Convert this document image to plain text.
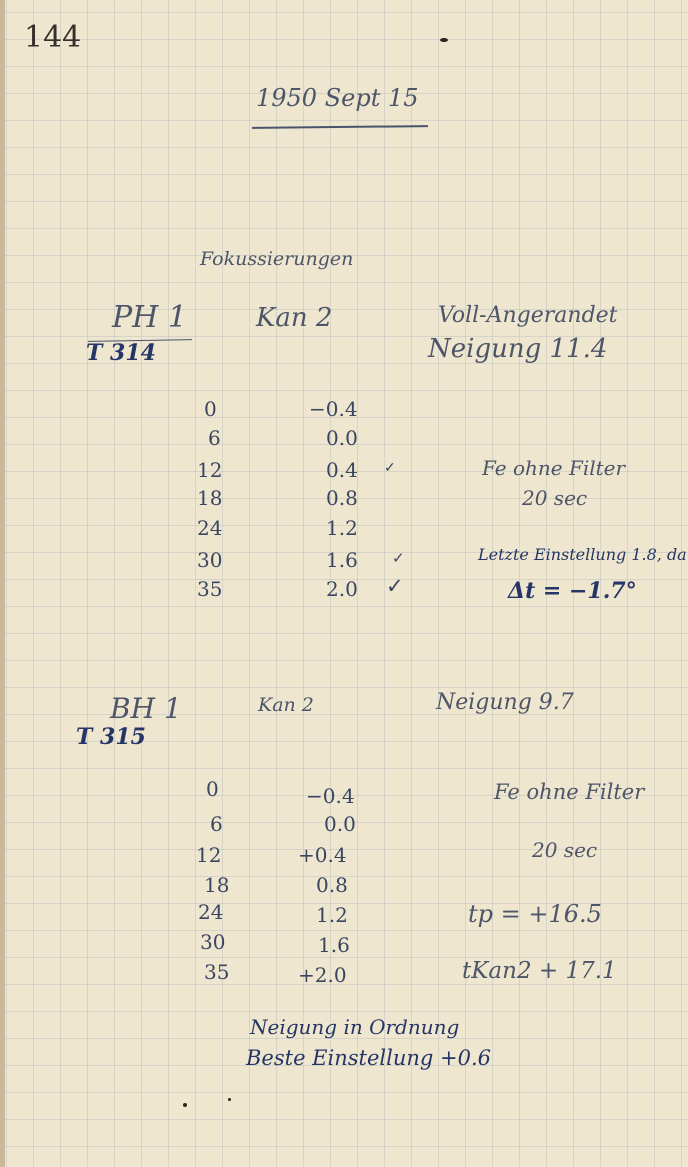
144
1950 Sept 15
Fokussierungen
PH 1
T 314
Kan 2	Voll-Angerandet
Neigung 11.4
0	−0.4
6	0.0
12	0.4 ✓
18	0.8
24	1.2
30	1.6 ✓
35	2.0 ✓
Fe ohne Filter
20 sec
Letzte Einstellung 1.8, da
Δt = −1.7°
BH 1
T 315
Kan 2	Neigung 9.7
0	−0.4
6	0.0
12	+0.4
18	0.8
24	1.2
30	1.6
35	+2.0
Fe ohne Filter
20 sec
tp = +16.5
tKan2 + 17.1
Neigung in Ordnung
Beste Einstellung +0.6
